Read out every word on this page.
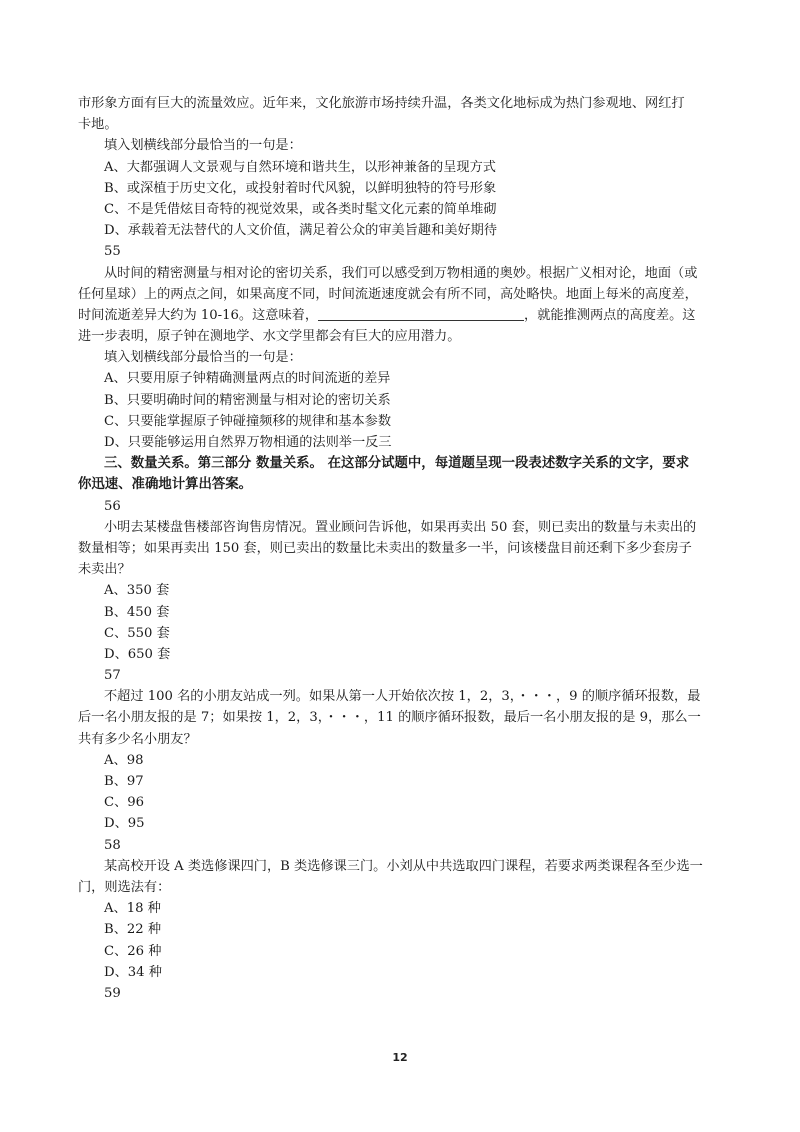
市形象方面有巨大的流量效应。近年来，文化旅游市场持续升温，各类文化地标成为热门参观地、网红打
卡地。
填入划横线部分最恰当的一句是：
A、大都强调人文景观与自然环境和谐共生，以形神兼备的呈现方式
B、或深植于历史文化，或投射着时代风貌，以鲜明独特的符号形象
C、不是凭借炫目奇特的视觉效果，或各类时髦文化元素的简单堆砌
D、承载着无法替代的人文价值，满足着公众的审美旨趣和美好期待
55
从时间的精密测量与相对论的密切关系，我们可以感受到万物相通的奥妙。根据广义相对论，地面（或
任何星球）上的两点之间，如果高度不同，时间流逝速度就会有所不同，高处略快。地面上每米的高度差，
时间流逝差异大约为 10-16。这意味着，	，就能推测两点的高度差。这
进一步表明，原子钟在测地学、水文学里都会有巨大的应用潜力。
填入划横线部分最恰当的一句是：
A、只要用原子钟精确测量两点的时间流逝的差异
B、只要明确时间的精密测量与相对论的密切关系
C、只要能掌握原子钟碰撞频移的规律和基本参数
D、只要能够运用自然界万物相通的法则举一反三
三、数量关系。第三部分 数量关系。 在这部分试题中，每道题呈现一段表述数字关系的文字，要求
你迅速、准确地计算出答案。
56
小明去某楼盘售楼部咨询售房情况。置业顾问告诉他，如果再卖出 50 套，则已卖出的数量与未卖出的
数量相等；如果再卖出 150 套，则已卖出的数量比未卖出的数量多一半，问该楼盘目前还剩下多少套房子
未卖出？
A、350 套
B、450 套
C、550 套
D、650 套
57
不超过 100 名的小朋友站成一列。如果从第一人开始依次按 1，2，3，・・・，9 的顺序循环报数，最
后一名小朋友报的是 7；如果按 1，2，3，・・・，11 的顺序循环报数，最后一名小朋友报的是 9，那么一
共有多少名小朋友？
A、98
B、97
C、96
D、95
58
某高校开设 A 类选修课四门，B 类选修课三门。小刘从中共选取四门课程，若要求两类课程各至少选一
门，则选法有：
A、18 种
B、22 种
C、26 种
D、34 种
59
12
